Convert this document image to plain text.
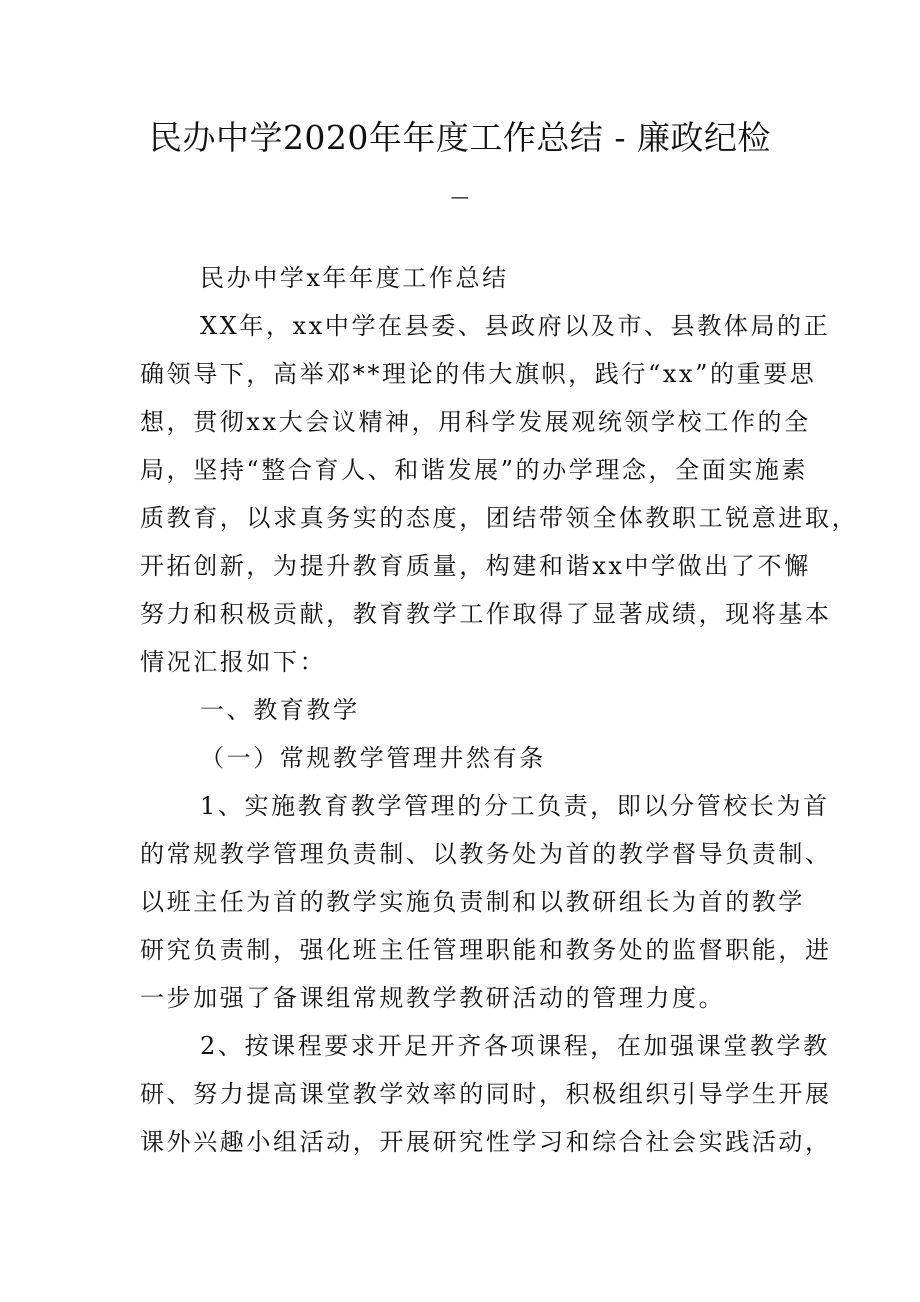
民办中学2020年年度工作总结 - 廉政纪检
_

民办中学x年年度工作总结

XX年，xx中学在县委、县政府以及市、县教体局的正

确领导下，高举邓**理论的伟大旗帜，践行“xx”的重要思

想，贯彻xx大会议精神，用科学发展观统领学校工作的全

局，坚持“整合育人、和谐发展”的办学理念，全面实施素

质教育，以求真务实的态度，团结带领全体教职工锐意进取，

开拓创新，为提升教育质量，构建和谐xx中学做出了不懈

努力和积极贡献，教育教学工作取得了显著成绩，现将基本

情况汇报如下：

一、教育教学

（一）常规教学管理井然有条

1、实施教育教学管理的分工负责，即以分管校长为首

的常规教学管理负责制、以教务处为首的教学督导负责制、

以班主任为首的教学实施负责制和以教研组长为首的教学

研究负责制，强化班主任管理职能和教务处的监督职能，进

一步加强了备课组常规教学教研活动的管理力度。

2、按课程要求开足开齐各项课程，在加强课堂教学教

研、努力提高课堂教学效率的同时，积极组织引导学生开展

课外兴趣小组活动，开展研究性学习和综合社会实践活动，
